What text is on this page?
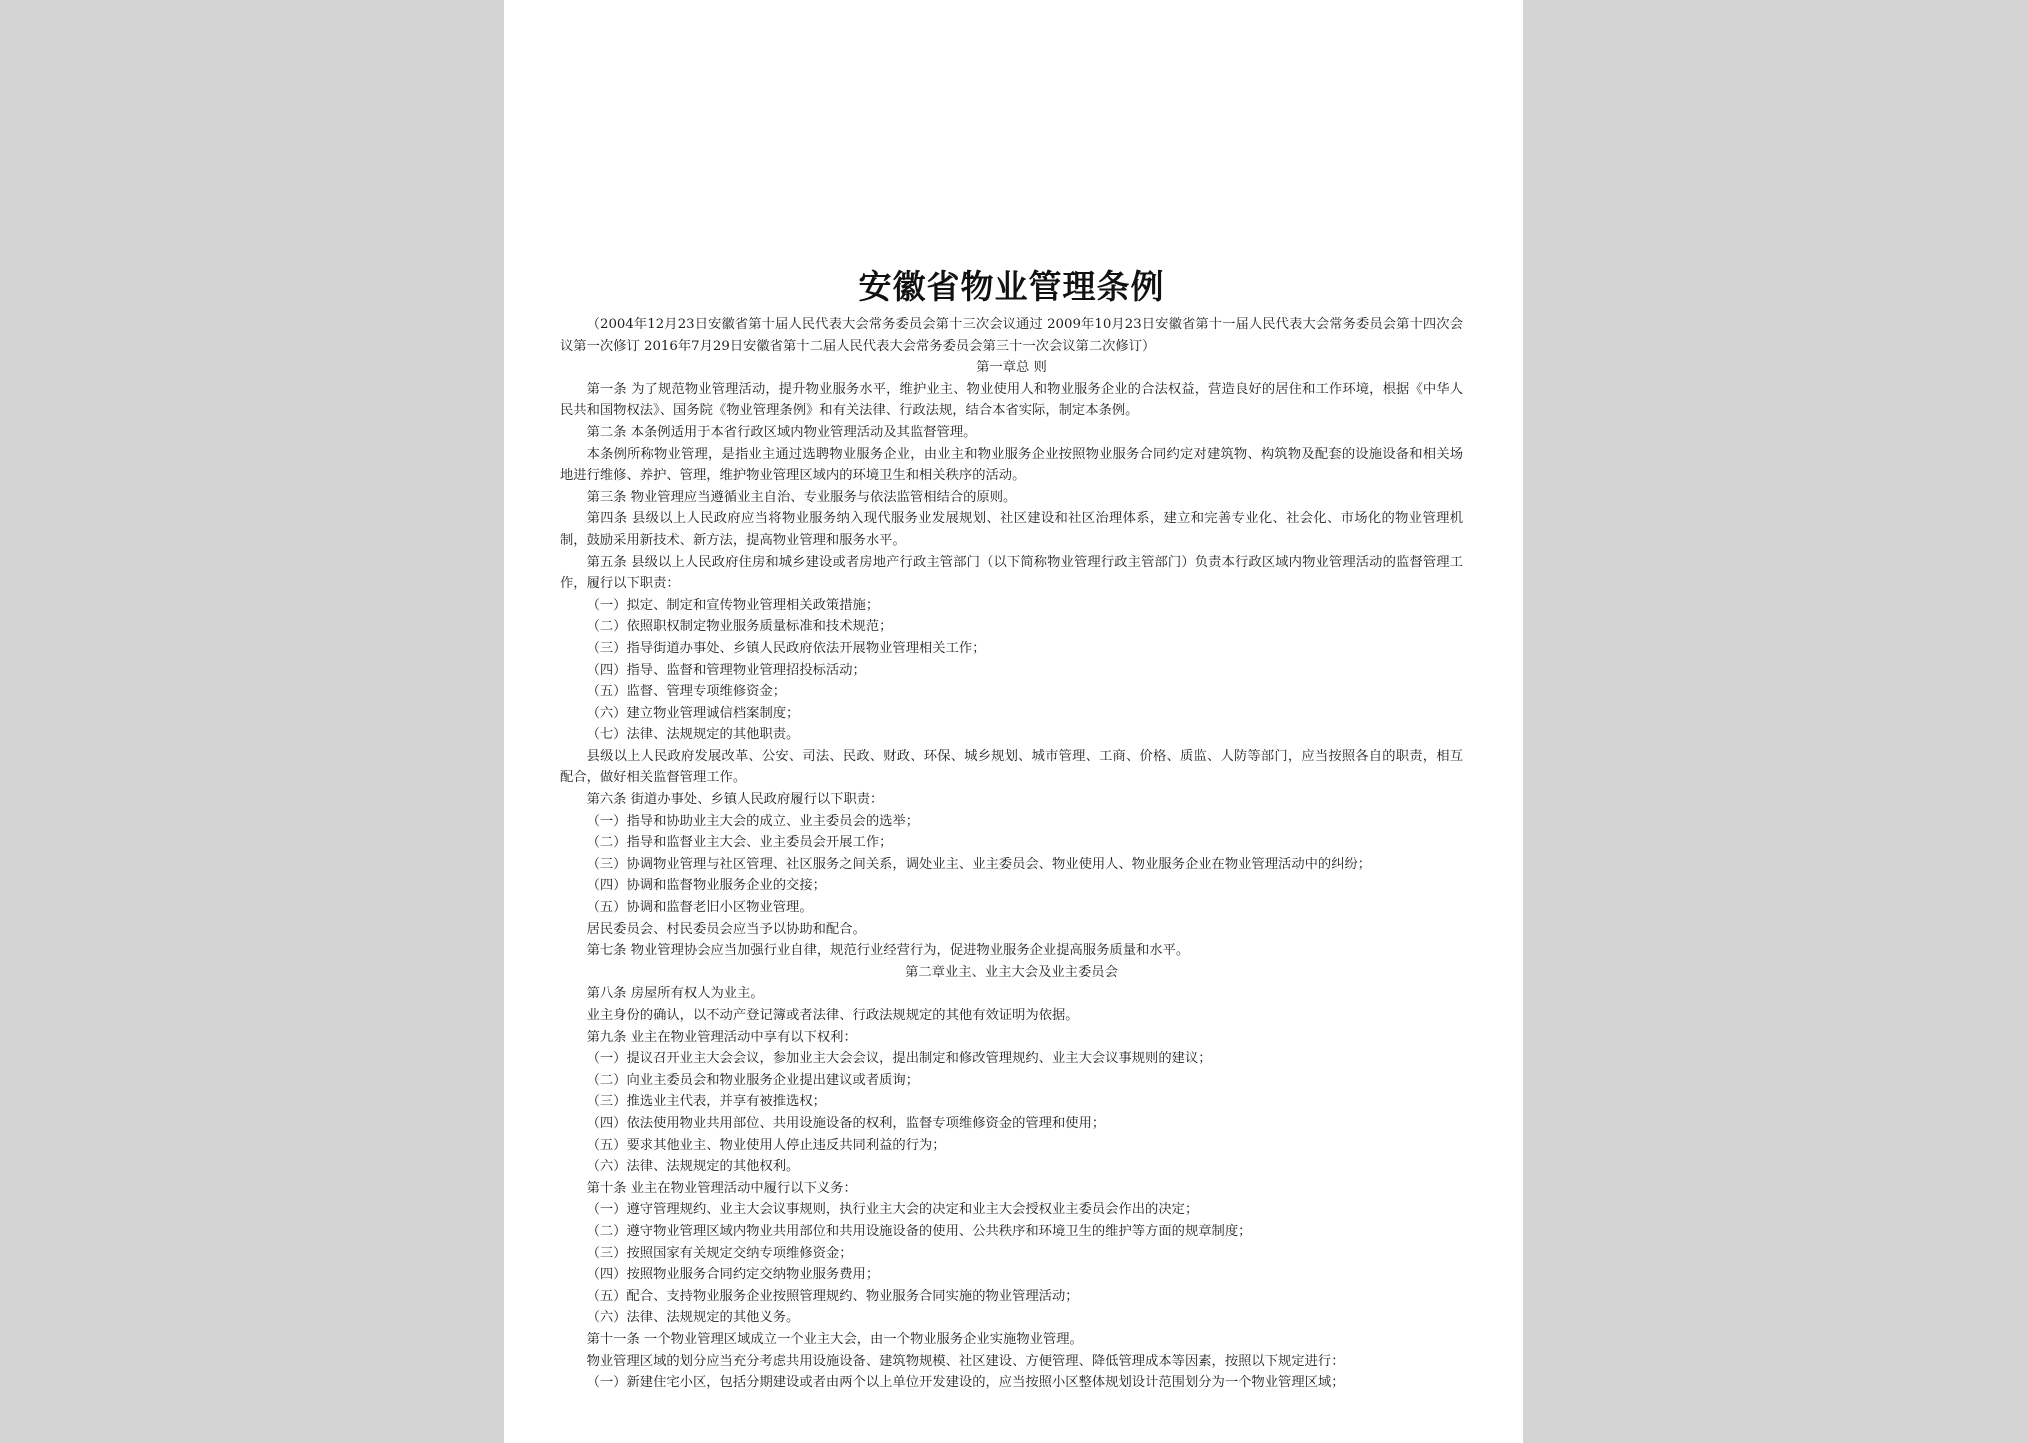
安徽省物业管理条例

（2004年12月23日安徽省第十届人民代表大会常务委员会第十三次会议通过 2009年10月23日安徽省第十一届人民代表大会常务委员会第十四次会议第一次修订 2016年7月29日安徽省第十二届人民代表大会常务委员会第三十一次会议第二次修订）

第一章总 则

第一条 为了规范物业管理活动，提升物业服务水平，维护业主、物业使用人和物业服务企业的合法权益，营造良好的居住和工作环境，根据《中华人民共和国物权法》、国务院《物业管理条例》和有关法律、行政法规，结合本省实际，制定本条例。

第二条 本条例适用于本省行政区域内物业管理活动及其监督管理。

本条例所称物业管理，是指业主通过选聘物业服务企业，由业主和物业服务企业按照物业服务合同约定对建筑物、构筑物及配套的设施设备和相关场地进行维修、养护、管理，维护物业管理区域内的环境卫生和相关秩序的活动。

第三条 物业管理应当遵循业主自治、专业服务与依法监管相结合的原则。

第四条 县级以上人民政府应当将物业服务纳入现代服务业发展规划、社区建设和社区治理体系，建立和完善专业化、社会化、市场化的物业管理机制，鼓励采用新技术、新方法，提高物业管理和服务水平。

第五条 县级以上人民政府住房和城乡建设或者房地产行政主管部门（以下简称物业管理行政主管部门）负责本行政区域内物业管理活动的监督管理工作，履行以下职责：

（一）拟定、制定和宣传物业管理相关政策措施；

（二）依照职权制定物业服务质量标准和技术规范；

（三）指导街道办事处、乡镇人民政府依法开展物业管理相关工作；

（四）指导、监督和管理物业管理招投标活动；

（五）监督、管理专项维修资金；

（六）建立物业管理诚信档案制度；

（七）法律、法规规定的其他职责。

县级以上人民政府发展改革、公安、司法、民政、财政、环保、城乡规划、城市管理、工商、价格、质监、人防等部门，应当按照各自的职责，相互配合，做好相关监督管理工作。

第六条 街道办事处、乡镇人民政府履行以下职责：

（一）指导和协助业主大会的成立、业主委员会的选举；

（二）指导和监督业主大会、业主委员会开展工作；

（三）协调物业管理与社区管理、社区服务之间关系，调处业主、业主委员会、物业使用人、物业服务企业在物业管理活动中的纠纷；

（四）协调和监督物业服务企业的交接；

（五）协调和监督老旧小区物业管理。

居民委员会、村民委员会应当予以协助和配合。

第七条 物业管理协会应当加强行业自律，规范行业经营行为，促进物业服务企业提高服务质量和水平。

第二章业主、业主大会及业主委员会

第八条 房屋所有权人为业主。

业主身份的确认，以不动产登记簿或者法律、行政法规规定的其他有效证明为依据。

第九条 业主在物业管理活动中享有以下权利：

（一）提议召开业主大会会议，参加业主大会会议，提出制定和修改管理规约、业主大会议事规则的建议；

（二）向业主委员会和物业服务企业提出建议或者质询；

（三）推选业主代表，并享有被推选权；

（四）依法使用物业共用部位、共用设施设备的权利，监督专项维修资金的管理和使用；

（五）要求其他业主、物业使用人停止违反共同利益的行为；

（六）法律、法规规定的其他权利。

第十条 业主在物业管理活动中履行以下义务：

（一）遵守管理规约、业主大会议事规则，执行业主大会的决定和业主大会授权业主委员会作出的决定；

（二）遵守物业管理区域内物业共用部位和共用设施设备的使用、公共秩序和环境卫生的维护等方面的规章制度；

（三）按照国家有关规定交纳专项维修资金；

（四）按照物业服务合同约定交纳物业服务费用；

（五）配合、支持物业服务企业按照管理规约、物业服务合同实施的物业管理活动；

（六）法律、法规规定的其他义务。

第十一条 一个物业管理区域成立一个业主大会，由一个物业服务企业实施物业管理。

物业管理区域的划分应当充分考虑共用设施设备、建筑物规模、社区建设、方便管理、降低管理成本等因素，按照以下规定进行：

（一）新建住宅小区，包括分期建设或者由两个以上单位开发建设的，应当按照小区整体规划设计范围划分为一个物业管理区域；
